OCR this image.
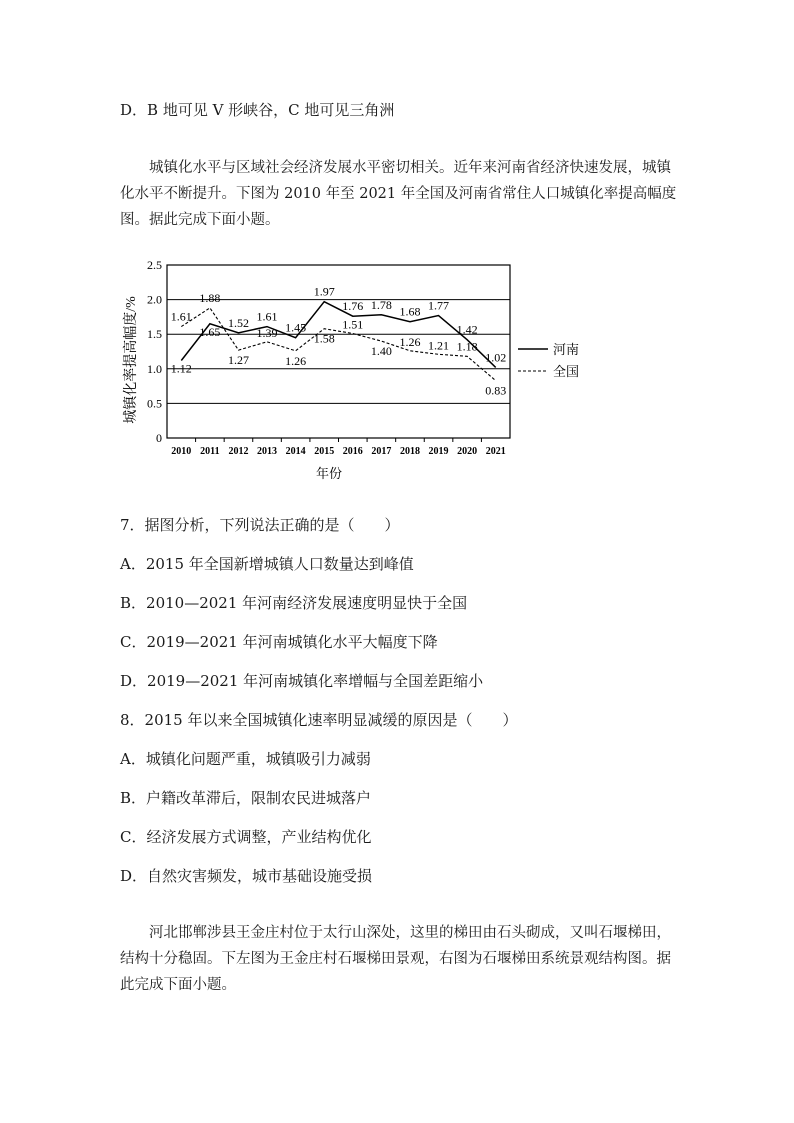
D．B 地可见 V 形峡谷，C 地可见三角洲
城镇化水平与区域社会经济发展水平密切相关。近年来河南省经济快速发展，城镇化水平不断提升。下图为 2010 年至 2021 年全国及河南省常住人口城镇化率提高幅度图。据此完成下面小题。
0
0.5
1.0
1.5
2.0
2.5
2010 2011 2012 2013 2014 2015 2016 2017 2018 2019 2020 2021
1.12
1.65
1.52 1.61
1.45
1.97
1.76 1.78 1.68 1.77
1.42
1.02
1.61
1.88
1.27
1.39
1.26
1.58
1.51
1.40
1.26 1.21 1.18
0.83
河南
全国
城镇化率提高幅度/%
年份
7．据图分析，下列说法正确的是（　　）
A．2015 年全国新增城镇人口数量达到峰值
B．2010—2021 年河南经济发展速度明显快于全国
C．2019—2021 年河南城镇化水平大幅度下降
D．2019—2021 年河南城镇化率增幅与全国差距缩小
8．2015 年以来全国城镇化速率明显减缓的原因是（　　）
A．城镇化问题严重，城镇吸引力减弱
B．户籍改革滞后，限制农民进城落户
C．经济发展方式调整，产业结构优化
D．自然灾害频发，城市基础设施受损
河北邯郸涉县王金庄村位于太行山深处，这里的梯田由石头砌成，又叫石堰梯田，结构十分稳固。下左图为王金庄村石堰梯田景观，右图为石堰梯田系统景观结构图。据此完成下面小题。
